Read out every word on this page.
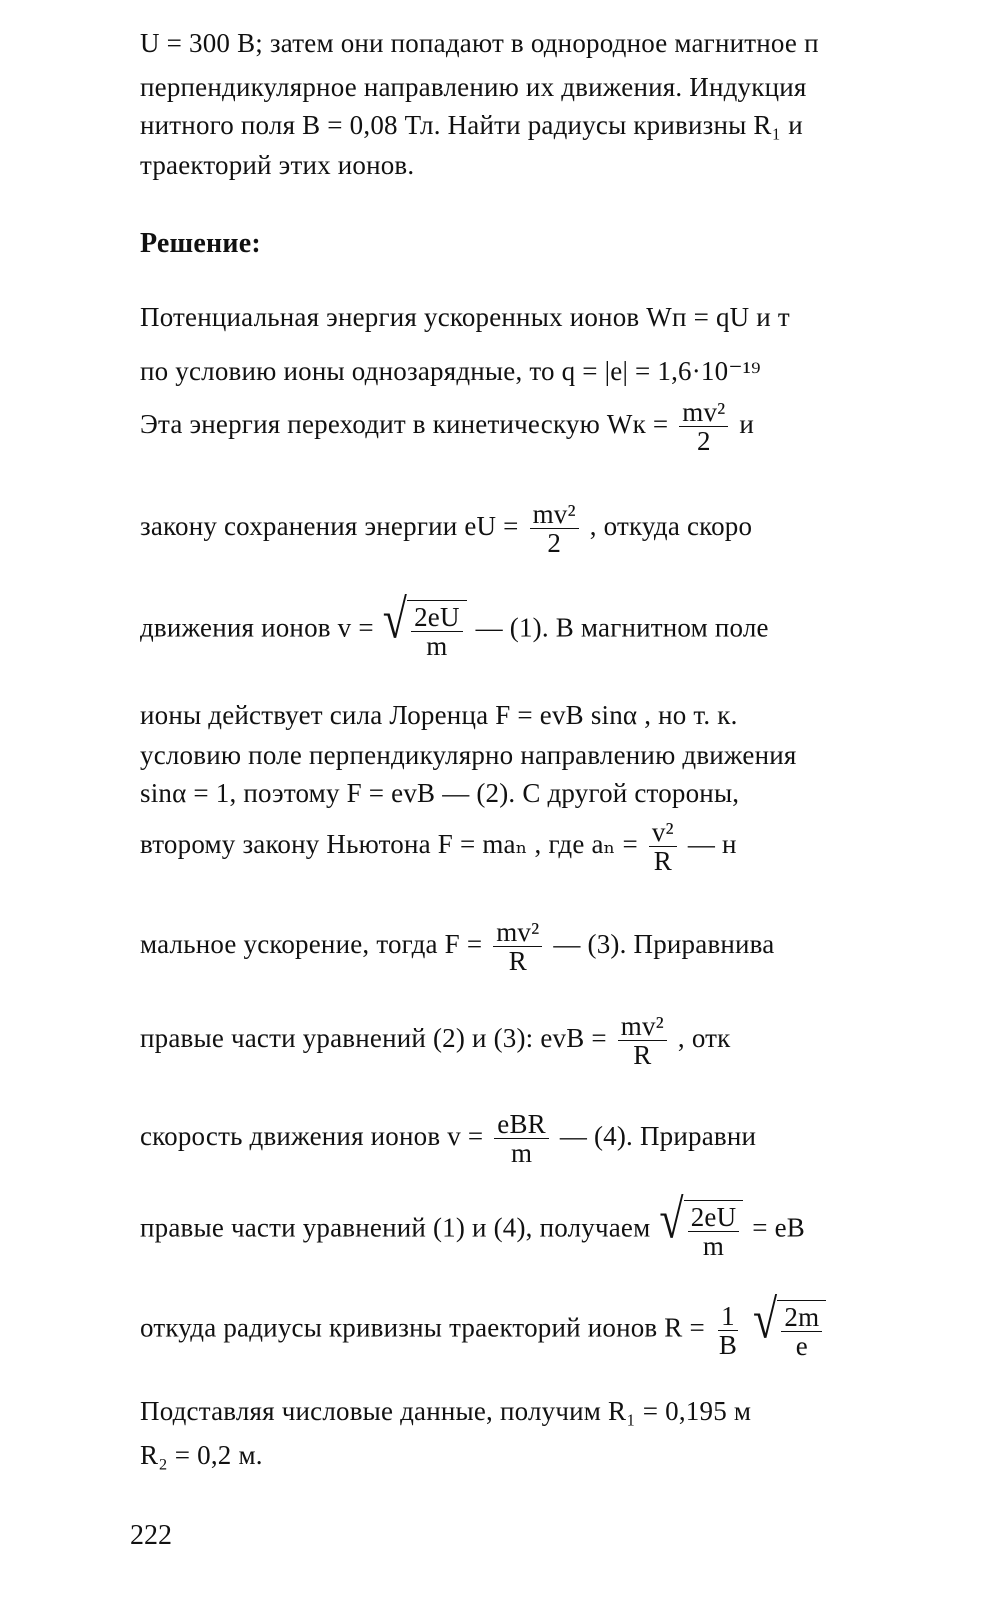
U = 300 В; затем они попадают в однородное магнитное п
перпендикулярное направлению их движения. Индукция
нитного поля B = 0,08 Тл. Найти радиусы кривизны R₁ и
траекторий этих ионов.
Решение:
Потенциальная энергия ускоренных ионов Wп = qU и т
по условию ионы однозарядные, то q = |e| = 1,6·10⁻¹⁹
Эта энергия переходит в кинетическую Wк = $\frac{\text{mv²}}{2}$ и
закону сохранения энергии eU = $\frac{\text{mv²}}{2}$ , откуда скоро
движения ионов v = √ $\frac{2eU}{m}$ — (1). В магнитном поле
ионы действует сила Лоренца F = evB sinα , но т. к.
условию поле перпендикулярно направлению движения
sinα = 1, поэтому F = evB — (2). С другой стороны,
второму закону Ньютона F = maₙ , где $a_n = \frac{\text{v²}}{R}$ — н
мальное ускорение, тогда $F = \frac{\text{mv²}}{R}$ — (3). Приравнива
правые части уравнений (2) и (3): evB = $\frac{\text{mv²}}{R}$ , отк
скорость движения ионов $v = \frac{\text{eBR}}{m}$ — (4). Приравни
правые части уравнений (1) и (4), получаем √ $\frac{2eU}{m}$ = eB
откуда радиусы кривизны траекторий ионов $R = \frac{1}{B}$
√ $\frac{2m}{e}$
Подставляя числовые данные, получим R₁ = 0,195 м
R₂ = 0,2 м.
222
